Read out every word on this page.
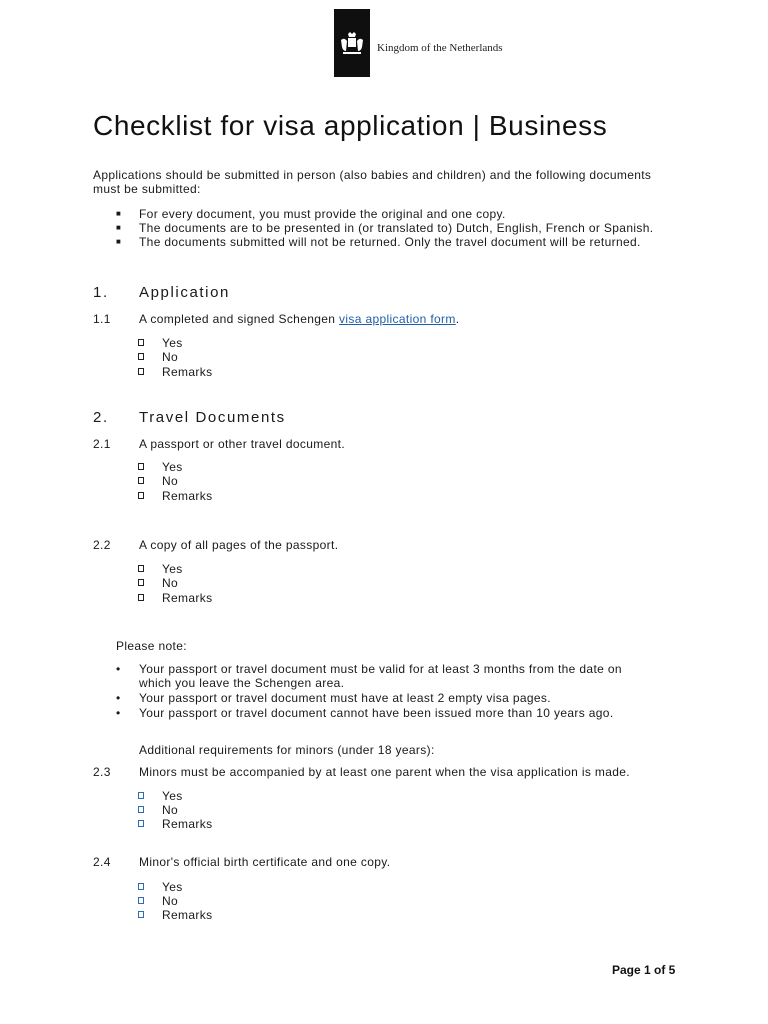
Kingdom of the Netherlands
Checklist for visa application | Business
Applications should be submitted in person (also babies and children) and the following documents
must be submitted:
■ For every document, you must provide the original and one copy.
■ The documents are to be presented in (or translated to) Dutch, English, French or Spanish.
■ The documents submitted will not be returned. Only the travel document will be returned.
1. Application
1.1 A completed and signed Schengen visa application form.
Yes
No
Remarks
2. Travel Documents
2.1 A passport or other travel document.
Yes
No
Remarks
2.2 A copy of all pages of the passport.
Yes
No
Remarks
Please note:
• Your passport or travel document must be valid for at least 3 months from the date on
which you leave the Schengen area.
• Your passport or travel document must have at least 2 empty visa pages.
• Your passport or travel document cannot have been issued more than 10 years ago.
Additional requirements for minors (under 18 years):
2.3 Minors must be accompanied by at least one parent when the visa application is made.
Yes
No
Remarks
2.4 Minor's official birth certificate and one copy.
Yes
No
Remarks
Page 1 of 5
